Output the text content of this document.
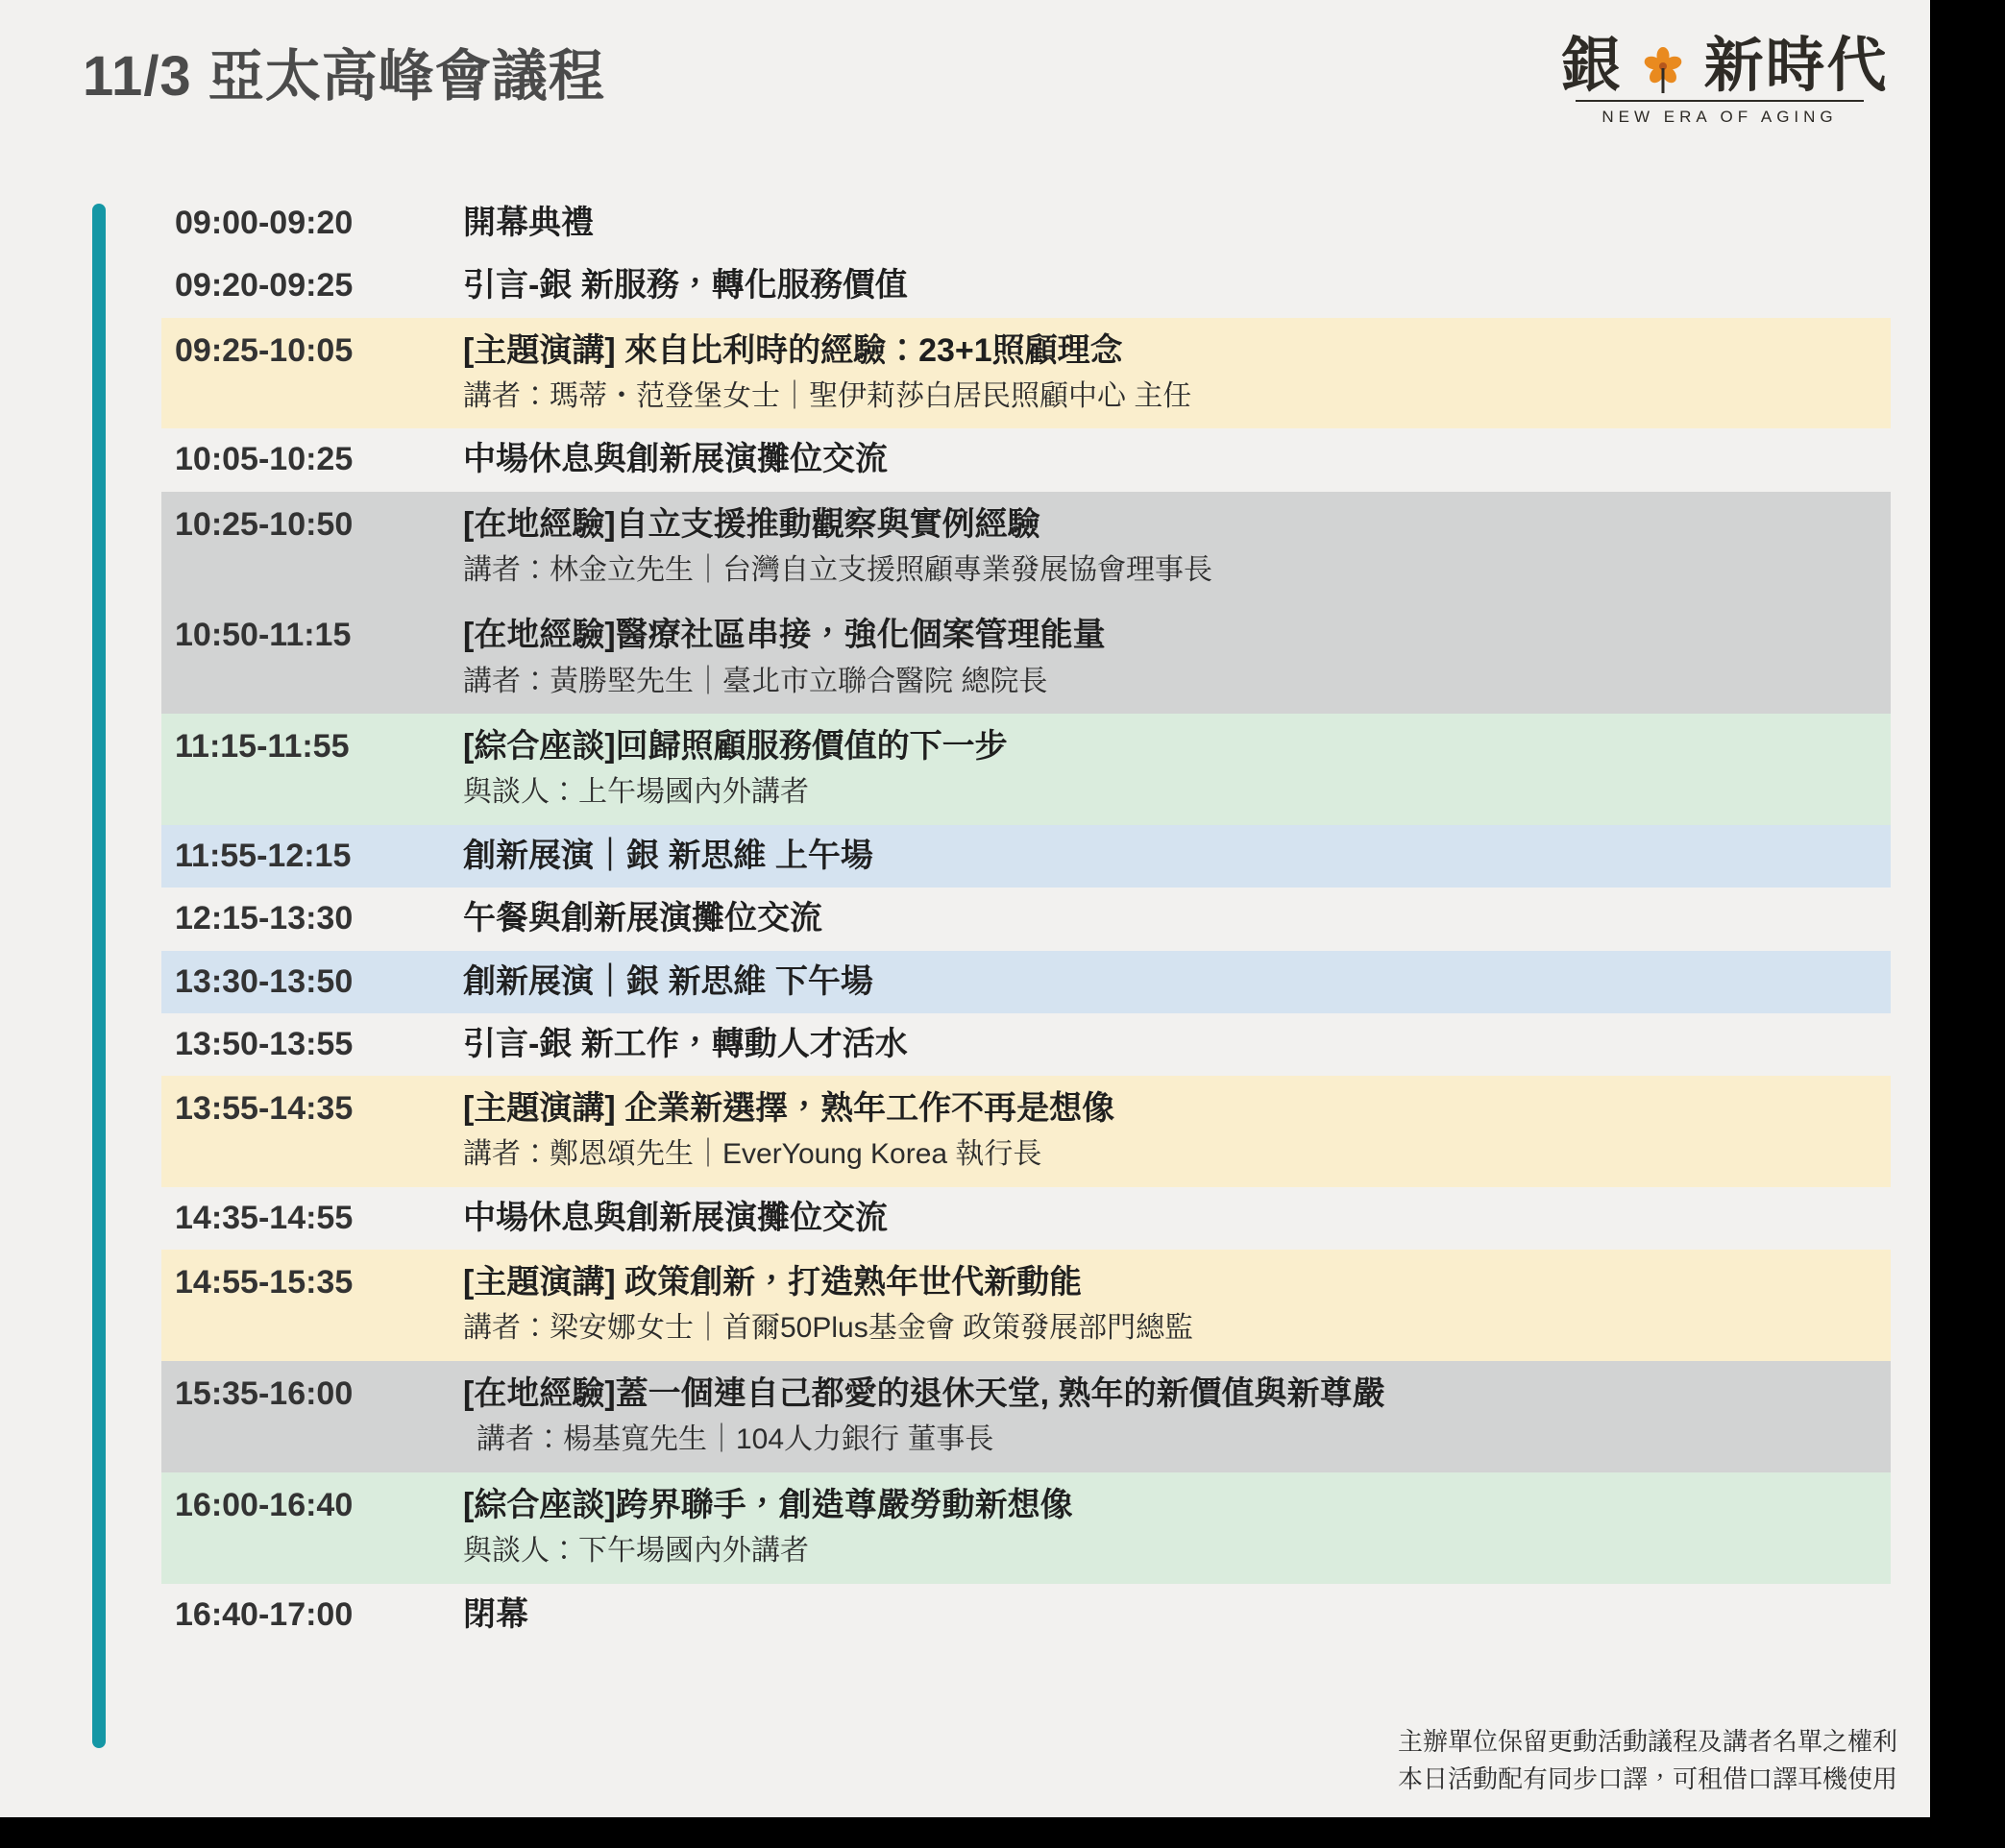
11/3 亞太高峰會議程	銀 新時代
NEW ERA OF AGING
09:00-09:20	開幕典禮
09:20-09:25	引言-銀 新服務，轉化服務價值
09:25-10:05	[主題演講] 來自比利時的經驗：23+1照顧理念
講者：瑪蒂・范登堡女士｜聖伊莉莎白居民照顧中心 主任
10:05-10:25	中場休息與創新展演攤位交流
10:25-10:50	[在地經驗]自立支援推動觀察與實例經驗
講者：林金立先生｜台灣自立支援照顧專業發展協會理事長
10:50-11:15	[在地經驗]醫療社區串接，強化個案管理能量
講者：黃勝堅先生｜臺北市立聯合醫院 總院長
11:15-11:55	[綜合座談]回歸照顧服務價值的下一步
與談人：上午場國內外講者
11:55-12:15	創新展演｜銀 新思維 上午場
12:15-13:30	午餐與創新展演攤位交流
13:30-13:50	創新展演｜銀 新思維 下午場
13:50-13:55	引言-銀 新工作，轉動人才活水
13:55-14:35	[主題演講] 企業新選擇，熟年工作不再是想像
講者：鄭恩頌先生｜EverYoung Korea 執行長
14:35-14:55	中場休息與創新展演攤位交流
14:55-15:35	[主題演講] 政策創新，打造熟年世代新動能
講者：梁安娜女士｜首爾50Plus基金會 政策發展部門總監
15:35-16:00	[在地經驗]蓋一個連自己都愛的退休天堂, 熟年的新價值與新尊嚴
講者：楊基寬先生｜104人力銀行 董事長
16:00-16:40	[綜合座談]跨界聯手，創造尊嚴勞動新想像
與談人：下午場國內外講者
16:40-17:00	閉幕
主辦單位保留更動活動議程及講者名單之權利
本日活動配有同步口譯，可租借口譯耳機使用
